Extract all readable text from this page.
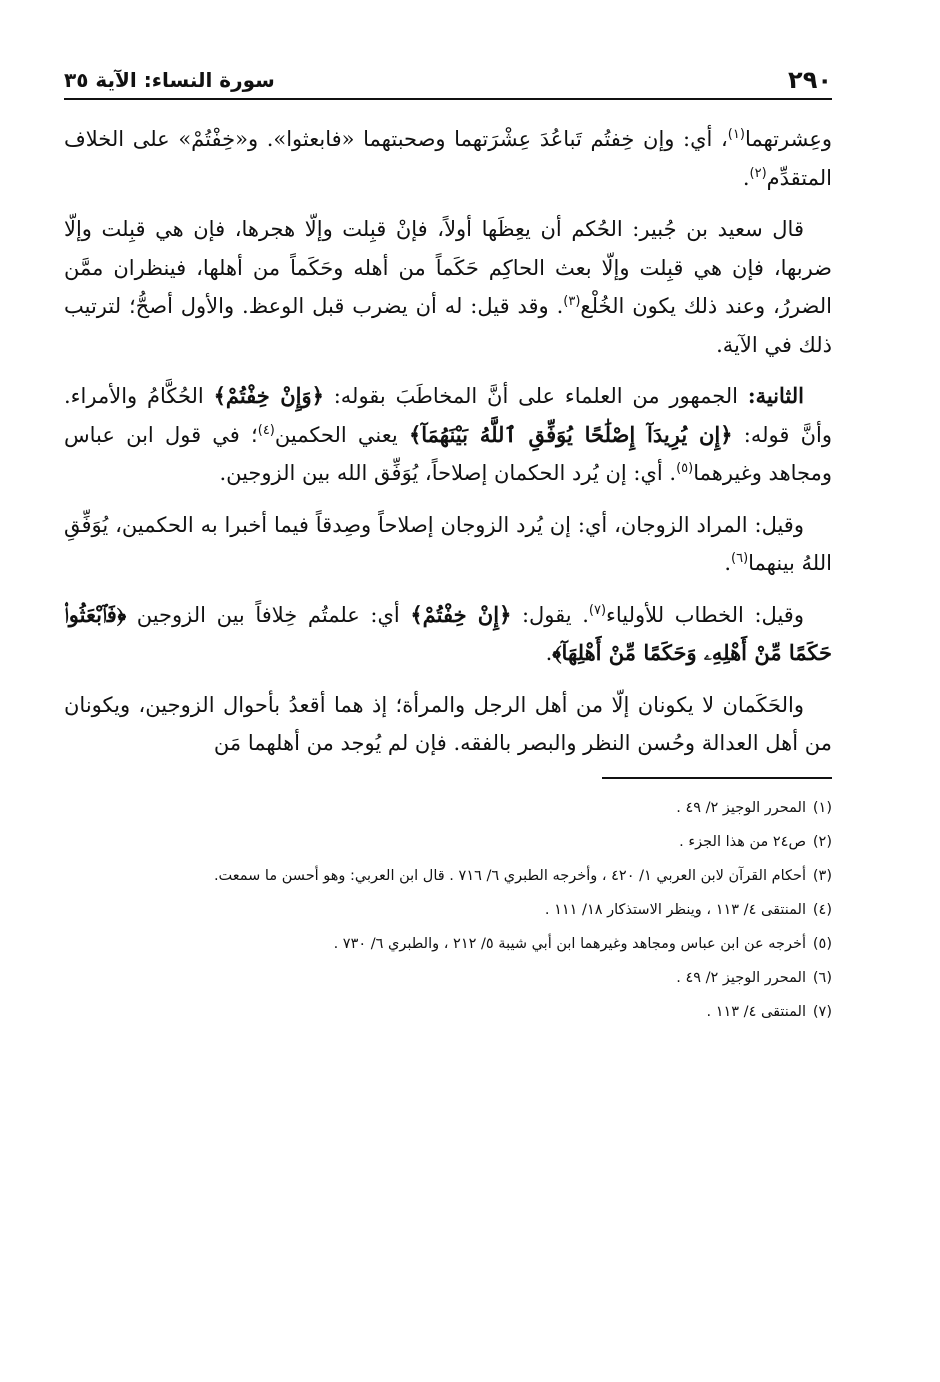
٢٩٠
سورة النساء: الآية ٣٥

وعِشرتهما$^{(١)}$، أي: وإن خِفتُم تَباعُدَ عِشْرَتهما وصحبتهما «فابعثوا». و«خِفْتُمْ» على الخلاف المتقدِّم$^{(٢)}$.

قال سعيد بن جُبير: الحُكم أن يعِظَها أولاً، فإنْ قبِلت وإلّا هجرها، فإن هي قبِلت وإلّا ضربها، فإن هي قبِلت وإلّا بعث الحاكِم حَكَماً من أهله وحَكَماً من أهلها، فينظران ممَّن الضررُ، وعند ذلك يكون الخُلْع$^{(٣)}$. وقد قيل: له أن يضرب قبل الوعظ. والأول أصحُّ؛ لترتيب ذلك في الآية.

الثانية: الجمهور من العلماء على أنَّ المخاطَبَ بقوله: ﴿وَإِنْ خِفْتُمْ﴾ الحُكَّامُ والأمراء. وأنَّ قوله: ﴿إِن يُرِيدَآ إِصْلَٰحًا يُوَفِّقِ ٱللَّهُ بَيْنَهُمَآ﴾ يعني الحكمين$^{(٤)}$؛ في قول ابن عباس ومجاهد وغيرهما$^{(٥)}$. أي: إن يُرد الحكمان إصلاحاً، يُوَفِّق الله بين الزوجين.

وقيل: المراد الزوجان، أي: إن يُرد الزوجان إصلاحاً وصِدقاً فيما أخبرا به الحكمين، يُوَفِّقِ اللهُ بينهما$^{(٦)}$.

وقيل: الخطاب للأولياء$^{(٧)}$. يقول: ﴿إِنْ خِفْتُمْ﴾ أي: علمتُم خِلافاً بين الزوجين ﴿فَٱبْعَثُوا۟ حَكَمًا مِّنْ أَهْلِهِۦ وَحَكَمًا مِّنْ أَهْلِهَآ﴾.

والحَكَمان لا يكونان إلّا من أهل الرجل والمرأة؛ إذ هما أقعدُ بأحوال الزوجين، ويكونان من أهل العدالة وحُسن النظر والبصر بالفقه. فإن لم يُوجد من أهلهما مَن

(١)
المحرر الوجيز ٢/ ٤٩ .
(٢)
ص٢٤ من هذا الجزء .
(٣)
أحكام القرآن لابن العربي ١/ ٤٢٠ ، وأخرجه الطبري ٦/ ٧١٦ . قال ابن العربي: وهو أحسن ما سمعت.
(٤)
المنتقى ٤/ ١١٣ ، وينظر الاستذكار ١٨/ ١١١ .
(٥)
أخرجه عن ابن عباس ومجاهد وغيرهما ابن أبي شيبة ٥/ ٢١٢ ، والطبري ٦/ ٧٣٠ .
(٦)
المحرر الوجيز ٢/ ٤٩ .
(٧)
المنتقى ٤/ ١١٣ .
